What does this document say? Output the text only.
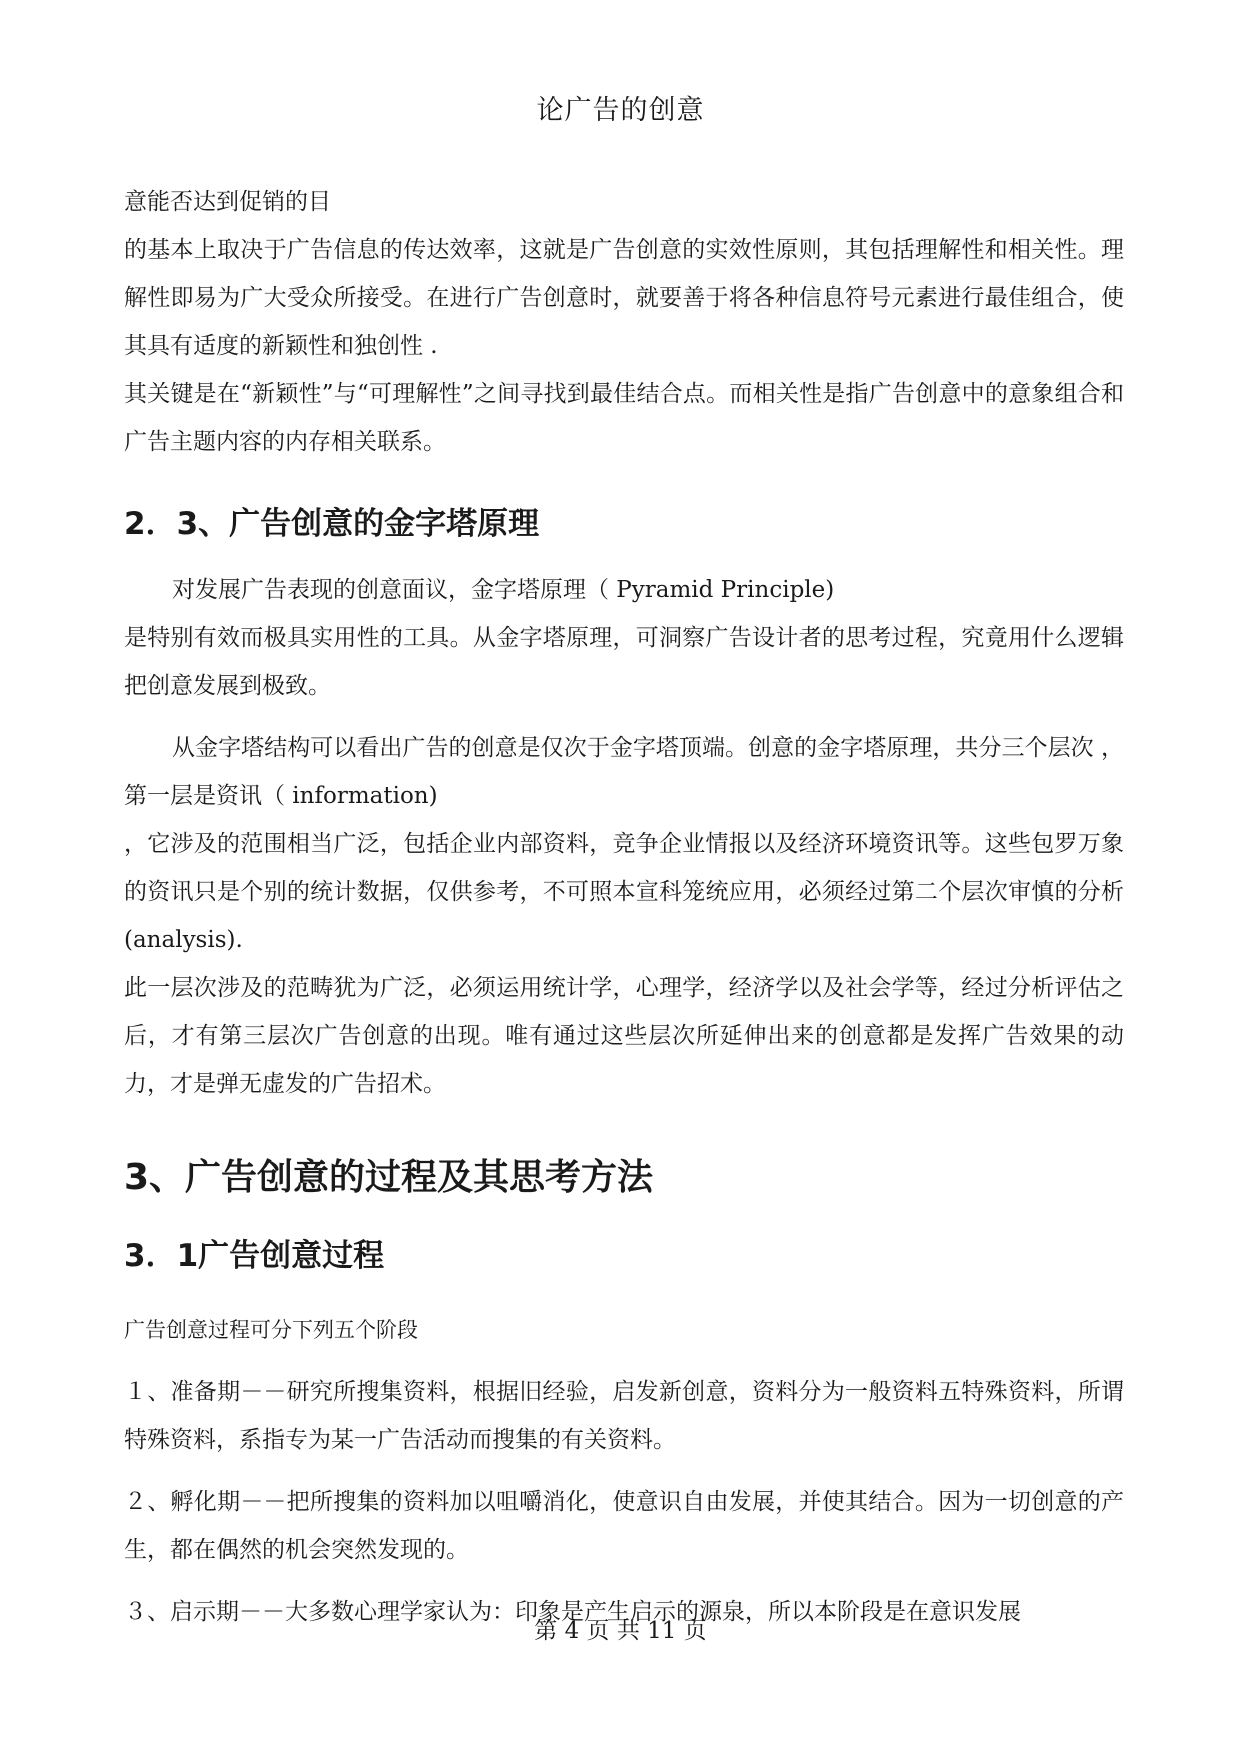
论广告的创意

意能否达到促销的目

的基本上取决于广告信息的传达效率，这就是广告创意的实效性原则，其包括理解性和相关性。理解性即易为广大受众所接受。在进行广告创意时，就要善于将各种信息符号元素进行最佳组合，使其具有适度的新颖性和独创性 .

其关键是在“新颖性”与“可理解性”之间寻找到最佳结合点。而相关性是指广告创意中的意象组合和广告主题内容的内存相关联系。

2．3、广告创意的金字塔原理

对发展广告表现的创意面议，金字塔原理（ Pyramid Principle)

是特别有效而极具实用性的工具。从金字塔原理，可洞察广告设计者的思考过程，究竟用什么逻辑把创意发展到极致。

从金字塔结构可以看出广告的创意是仅次于金字塔顶端。创意的金字塔原理，共分三个层次 ，第一层是资讯（ information)

，它涉及的范围相当广泛，包括企业内部资料，竞争企业情报以及经济环境资讯等。这些包罗万象的资讯只是个别的统计数据，仅供参考，不可照本宣科笼统应用，必须经过第二个层次审慎的分析 (analysis).

此一层次涉及的范畴犹为广泛，必须运用统计学，心理学，经济学以及社会学等，经过分析评估之后，才有第三层次广告创意的出现。唯有通过这些层次所延伸出来的创意都是发挥广告效果的动力，才是弹无虚发的广告招术。

3、广告创意的过程及其思考方法
3．1广告创意过程

广告创意过程可分下列五个阶段

１、准备期－－研究所搜集资料，根据旧经验，启发新创意，资料分为一般资料五特殊资料，所谓特殊资料，系指专为某一广告活动而搜集的有关资料。

２、孵化期－－把所搜集的资料加以咀嚼消化，使意识自由发展，并使其结合。因为一切创意的产生，都在偶然的机会突然发现的。

３、启示期－－大多数心理学家认为：印象是产生启示的源泉，所以本阶段是在意识发展

第 4 页 共 11 页
